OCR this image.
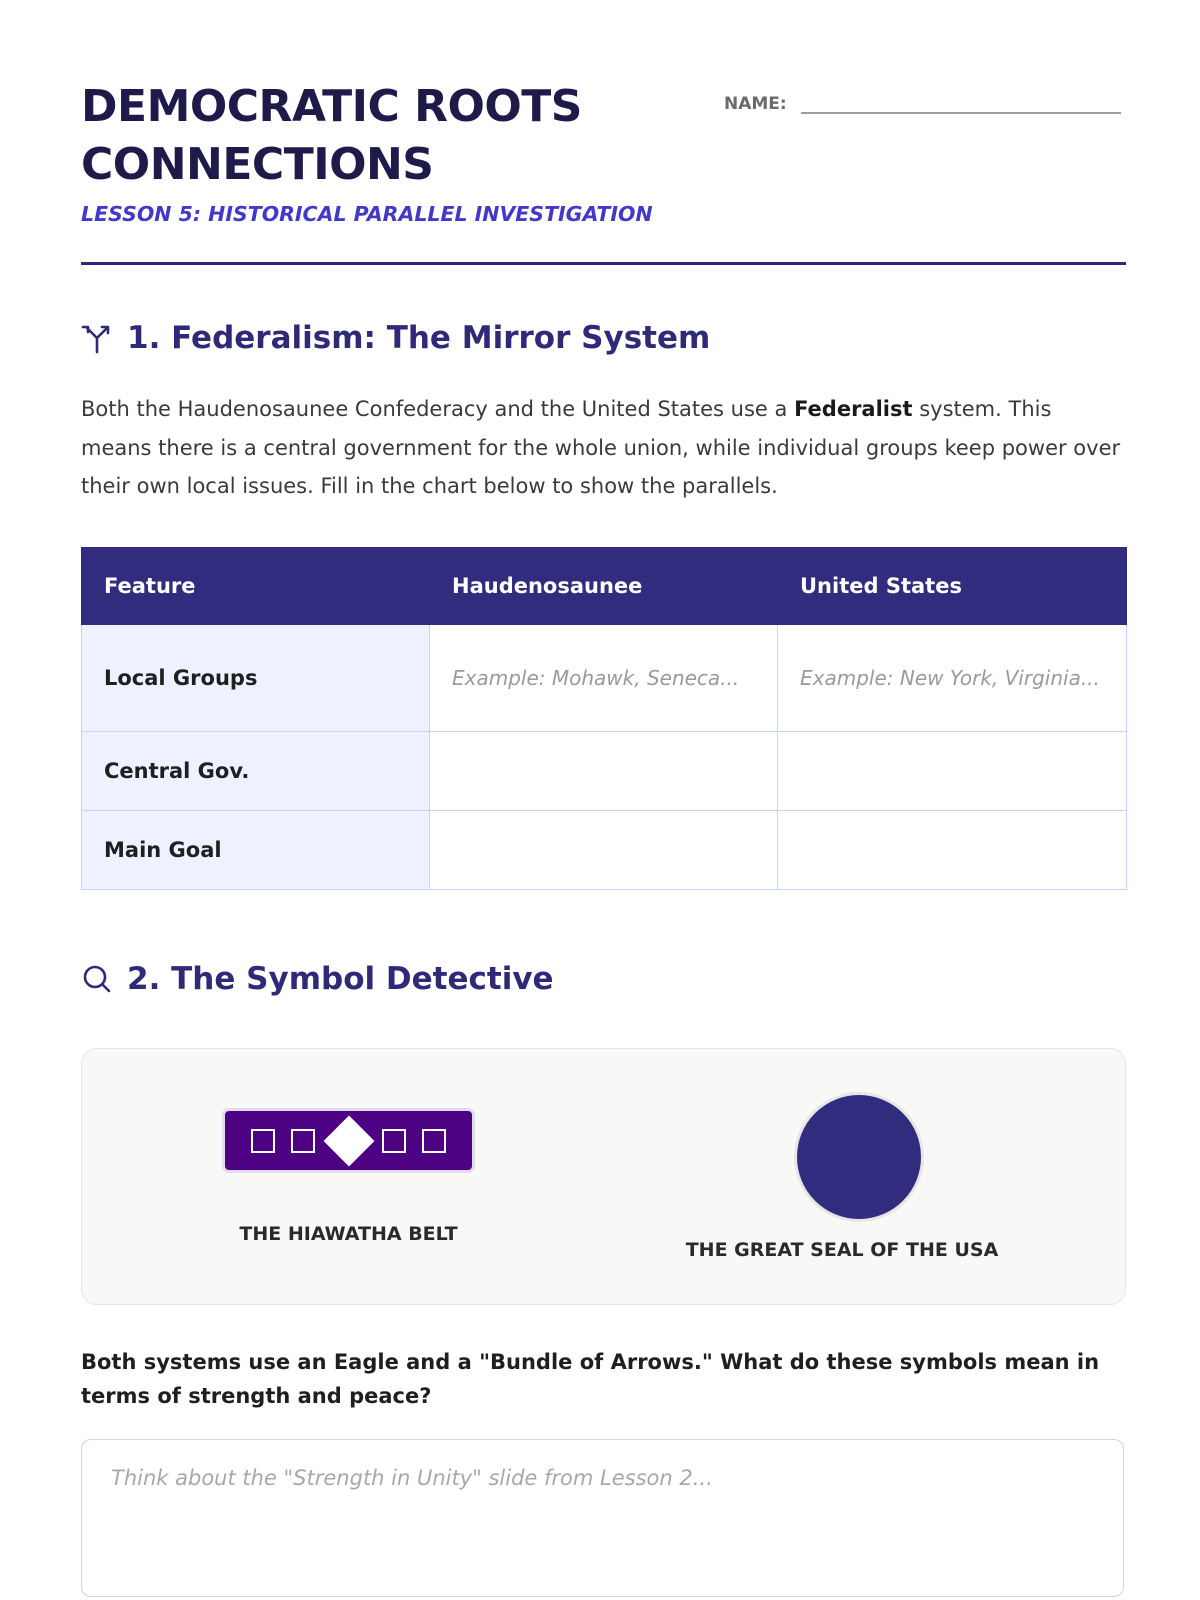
DEMOCRATIC ROOTS CONNECTIONS
LESSON 5: HISTORICAL PARALLEL INVESTIGATION
NAME:
1. Federalism: The Mirror System

Both the Haudenosaunee Confederacy and the United States use a Federalist system. This means there is a central government for the whole union, while individual groups keep power over their own local issues. Fill in the chart below to show the parallels.

Feature	Haudenosaunee	United States
Local Groups	Example: Mohawk, Seneca...	Example: New York, Virginia...
Central Gov.		
Main Goal		
2. The Symbol Detective
THE HIAWATHA BELT
THE GREAT SEAL OF THE USA

Both systems use an Eagle and a "Bundle of Arrows." What do these symbols mean in terms of strength and peace?

Think about the "Strength in Unity" slide from Lesson 2...
